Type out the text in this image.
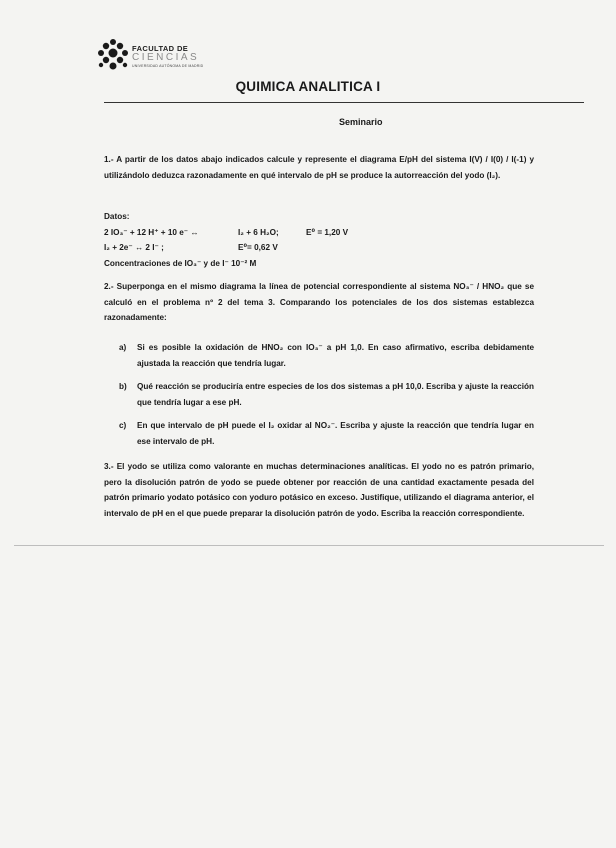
FACULTAD DE
CIENCIAS
UNIVERSIDAD AUTÓNOMA DE MADRID
QUIMICA ANALITICA I
Seminario
1.- A partir de los datos abajo indicados calcule y represente el diagrama E/pH del sistema I(V) / I(0) / I(-1) y utilizándolo deduzca razonadamente en qué intervalo de pH se produce la autorreacción del yodo (I₂).
Datos:
2 IO₃⁻ + 12 H⁺ + 10 e⁻ ↔	I₂ + 6 H₂O;	E⁰ = 1,20 V
I₂ + 2e⁻ ↔ 2 I⁻ ;	E⁰= 0,62 V
Concentraciones de IO₃⁻ y de I⁻ 10⁻² M
2.- Superponga en el mismo diagrama la línea de potencial correspondiente al sistema NO₃⁻ / HNO₂ que se calculó en el problema nº 2 del tema 3. Comparando los potenciales de los dos sistemas establezca razonadamente:
a) Si es posible la oxidación de HNO₂ con IO₃⁻ a pH 1,0. En caso afirmativo, escriba debidamente ajustada la reacción que tendría lugar.
b) Qué reacción se produciría entre especies de los dos sistemas a pH 10,0. Escriba y ajuste la reacción que tendría lugar a ese pH.
c) En que intervalo de pH puede el I₂ oxidar al NO₂⁻. Escriba y ajuste la reacción que tendría lugar en ese intervalo de pH.
3.- El yodo se utiliza como valorante en muchas determinaciones analíticas. El yodo no es patrón primario, pero la disolución patrón de yodo se puede obtener por reacción de una cantidad exactamente pesada del patrón primario yodato potásico con yoduro potásico en exceso. Justifique, utilizando el diagrama anterior, el intervalo de pH en el que puede preparar la disolución patrón de yodo. Escriba la reacción correspondiente.
